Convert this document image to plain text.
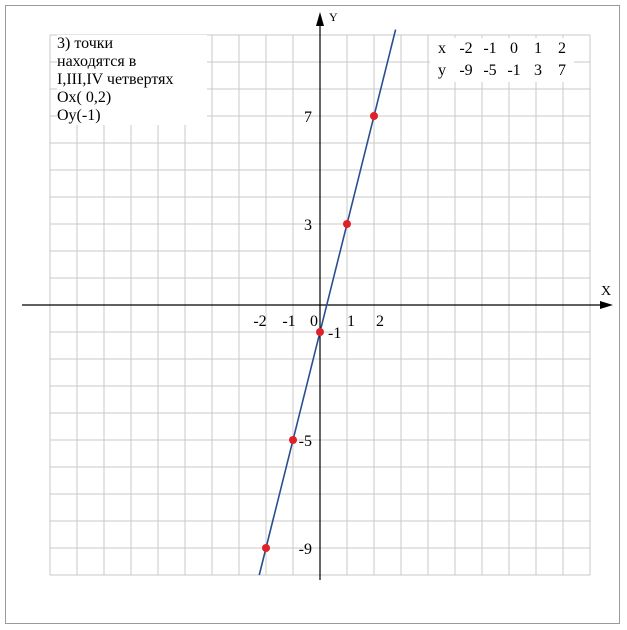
X
Y
-2 -1 0 1 2
7
3
-1
-5
-9
3) точки
находятся в
I,III,IV четвертях
Ox( 0,2)
Oy(-1)
x	-2	-1	0	1	2
y	-9	-5	-1	3	7
